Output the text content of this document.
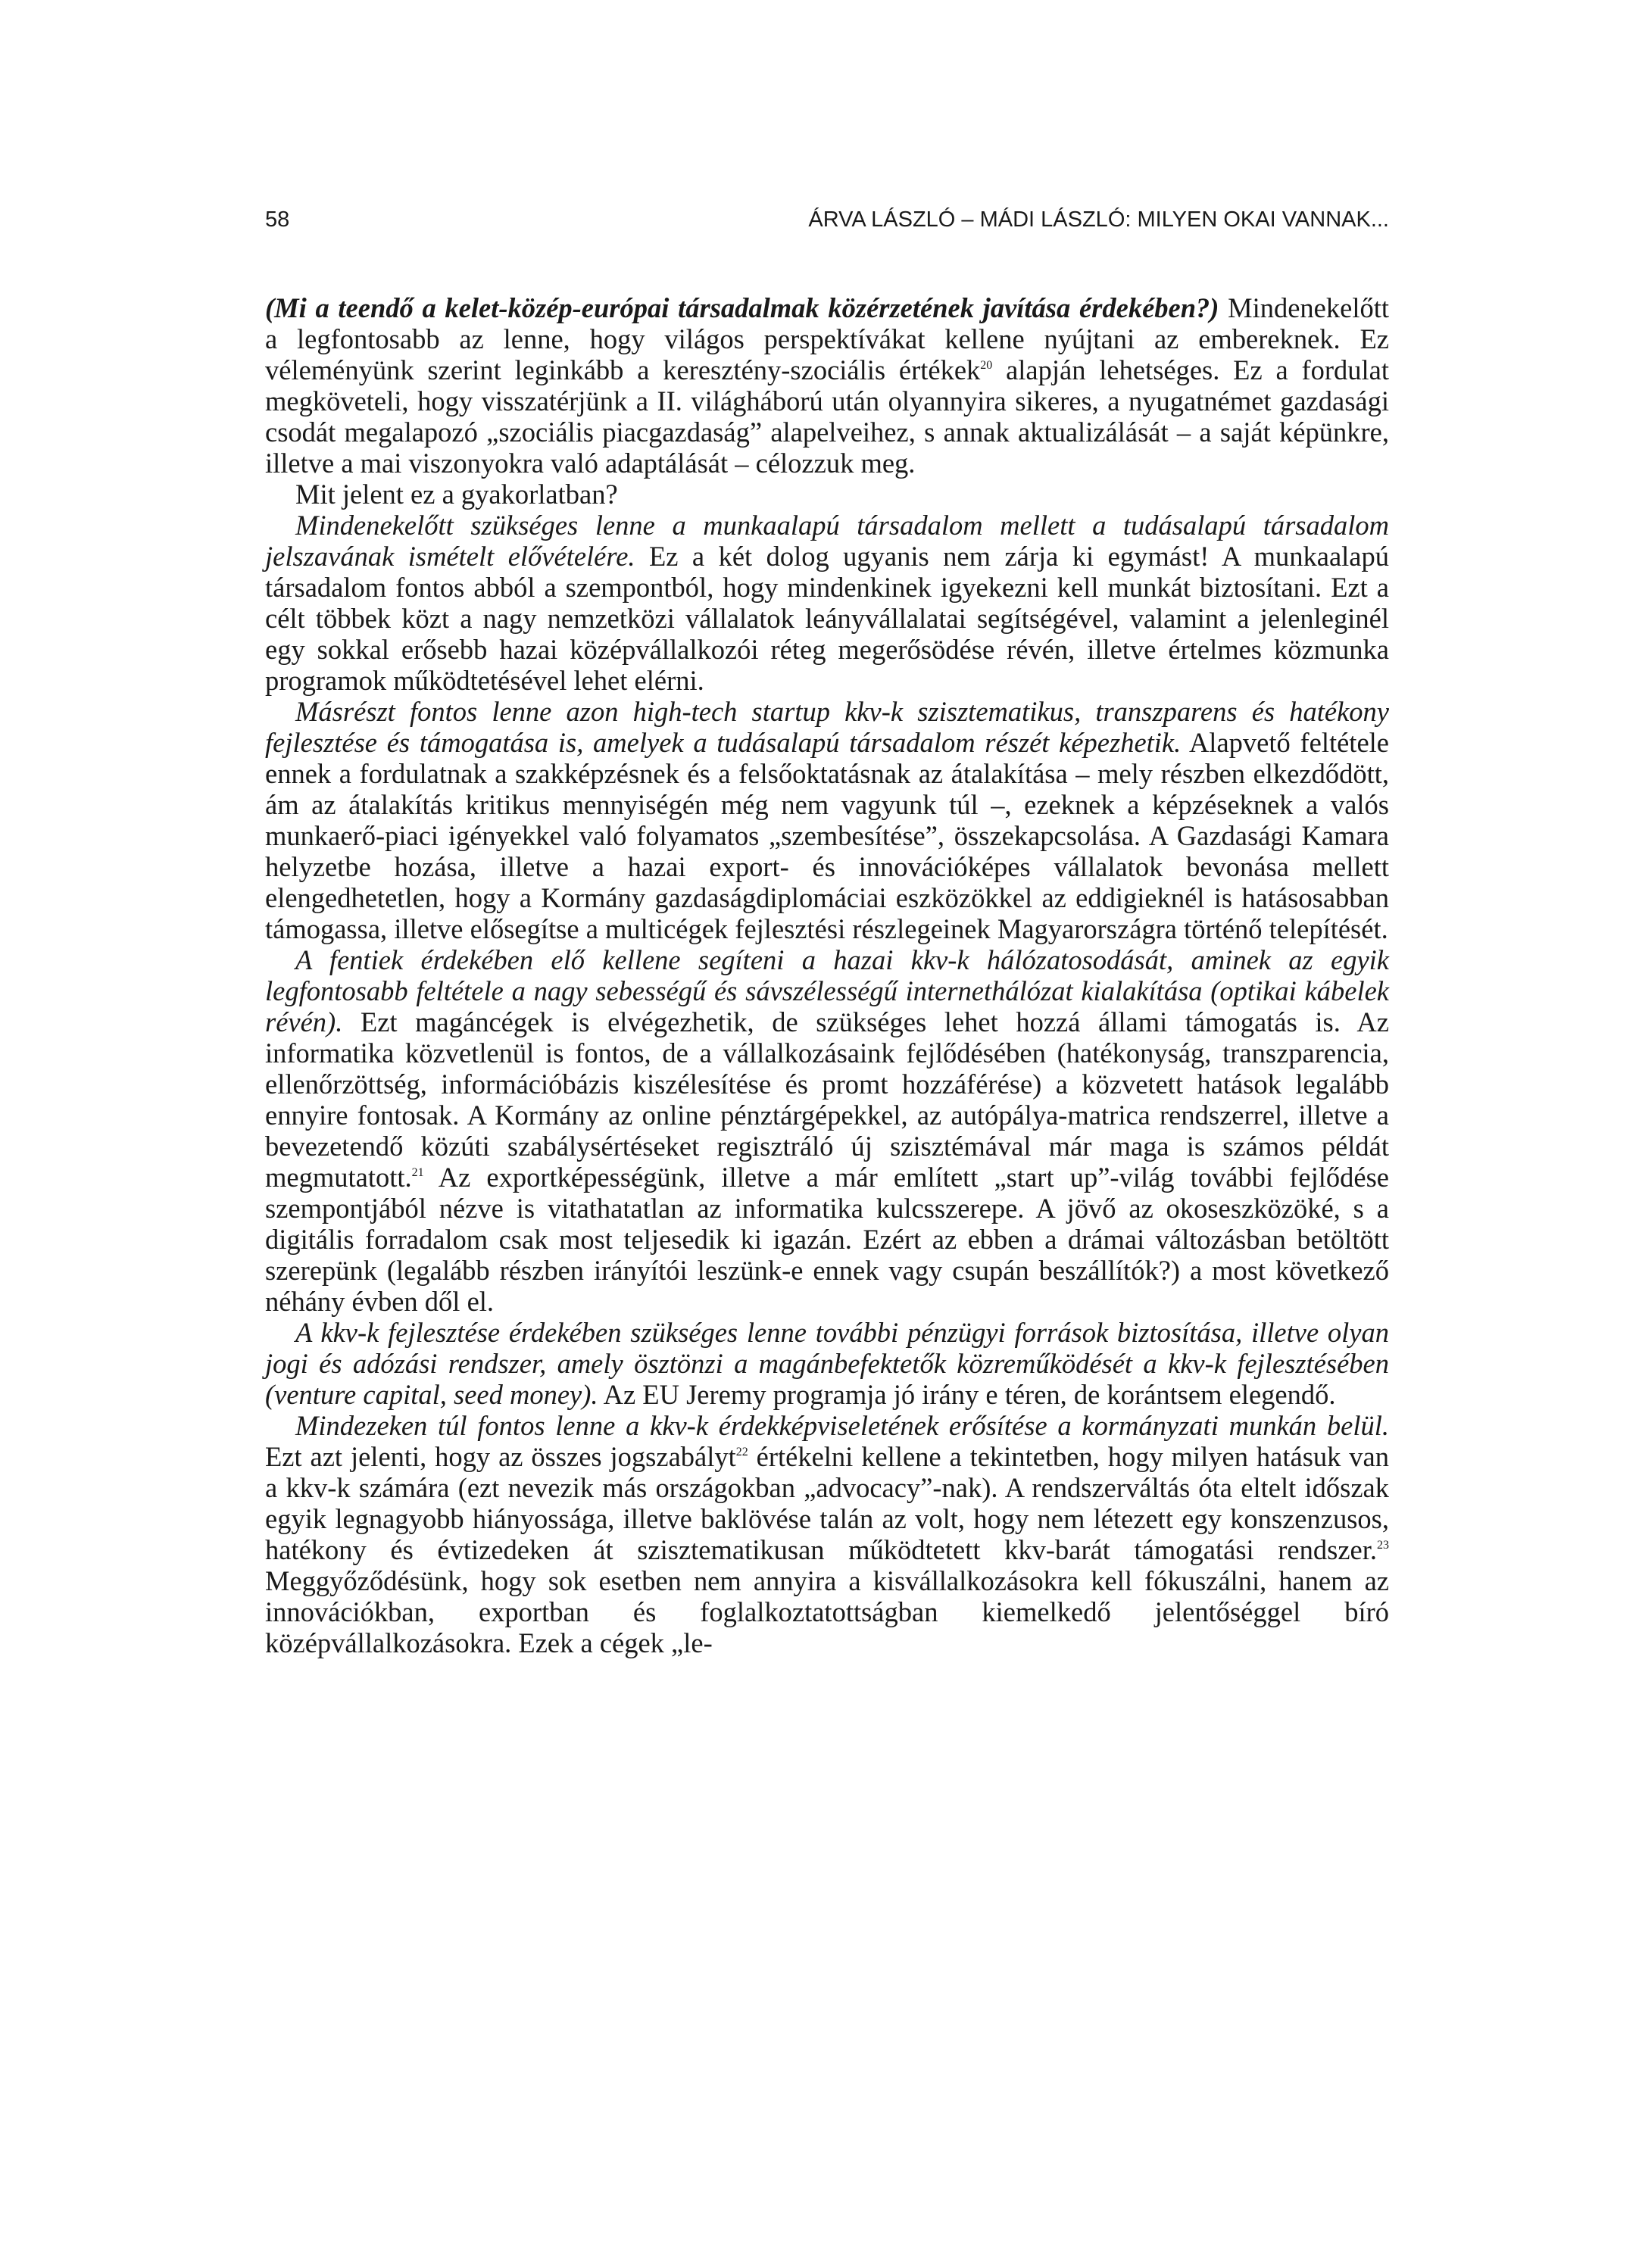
58	ÁRVA LÁSZLÓ – MÁDI LÁSZLÓ: MILYEN OKAI VANNAK...

(Mi a teendő a kelet-közép-európai társadalmak közérzetének javítása érdekében?) Mindenekelőtt a legfontosabb az lenne, hogy világos perspektívákat kellene nyújtani az embereknek. Ez véleményünk szerint leginkább a keresztény-szociális értékek$^{20}$ alapján lehetséges. Ez a fordulat megköveteli, hogy visszatérjünk a II. világháború után olyannyira sikeres, a nyugatnémet gazdasági csodát megalapozó „szociális piacgazdaság” alapelveihez, s annak aktualizálását – a saját képünkre, illetve a mai viszonyokra való adaptálását – célozzuk meg.

Mit jelent ez a gyakorlatban?

Mindenekelőtt szükséges lenne a munkaalapú társadalom mellett a tudásalapú társadalom jelszavának ismételt elővételére. Ez a két dolog ugyanis nem zárja ki egymást! A munkaalapú társadalom fontos abból a szempontból, hogy mindenkinek igyekezni kell munkát biztosítani. Ezt a célt többek közt a nagy nemzetközi vállalatok leányvállalatai segítségével, valamint a jelenleginél egy sokkal erősebb hazai középvállalkozói réteg megerősödése révén, illetve értelmes közmunka programok működtetésével lehet elérni.

Másrészt fontos lenne azon high-tech startup kkv-k szisztematikus, transzparens és hatékony fejlesztése és támogatása is, amelyek a tudásalapú társadalom részét képezhetik. Alapvető feltétele ennek a fordulatnak a szakképzésnek és a felsőoktatásnak az átalakítása – mely részben elkezdődött, ám az átalakítás kritikus mennyiségén még nem vagyunk túl –, ezeknek a képzéseknek a valós munkaerő-piaci igényekkel való folyamatos „szembesítése”, összekapcsolása. A Gazdasági Kamara helyzetbe hozása, illetve a hazai export- és innovációképes vállalatok bevonása mellett elengedhetetlen, hogy a Kormány gazdaságdiplomáciai eszközökkel az eddigieknél is hatásosabban támogassa, illetve elősegítse a multicégek fejlesztési részlegeinek Magyarországra történő telepítését.

A fentiek érdekében elő kellene segíteni a hazai kkv-k hálózatosodását, aminek az egyik legfontosabb feltétele a nagy sebességű és sávszélességű internethálózat kialakítása (optikai kábelek révén). Ezt magáncégek is elvégezhetik, de szükséges lehet hozzá állami támogatás is. Az informatika közvetlenül is fontos, de a vállalkozásaink fejlődésében (hatékonyság, transzparencia, ellenőrzöttség, információbázis kiszélesítése és promt hozzáférése) a közvetett hatások legalább ennyire fontosak. A Kormány az online pénztárgépekkel, az autópálya-matrica rendszerrel, illetve a bevezetendő közúti szabálysértéseket regisztráló új szisztémával már maga is számos példát megmutatott.$^{21}$ Az exportképességünk, illetve a már említett „start up”-világ további fejlődése szempontjából nézve is vitathatatlan az informatika kulcsszerepe. A jövő az okoseszközöké, s a digitális forradalom csak most teljesedik ki igazán. Ezért az ebben a drámai változásban betöltött szerepünk (legalább részben irányítói leszünk-e ennek vagy csupán beszállítók?) a most következő néhány évben dől el.

A kkv-k fejlesztése érdekében szükséges lenne további pénzügyi források biztosítása, illetve olyan jogi és adózási rendszer, amely ösztönzi a magánbefektetők közreműködését a kkv-k fejlesztésében (venture capital, seed money). Az EU Jeremy programja jó irány e téren, de korántsem elegendő.

Mindezeken túl fontos lenne a kkv-k érdekképviseletének erősítése a kormányzati munkán belül. Ezt azt jelenti, hogy az összes jogszabályt$^{22}$ értékelni kellene a tekintetben, hogy milyen hatásuk van a kkv-k számára (ezt nevezik más országokban „advocacy”-nak). A rendszerváltás óta eltelt időszak egyik legnagyobb hiányossága, illetve baklövése talán az volt, hogy nem létezett egy konszenzusos, hatékony és évtizedeken át szisztematikusan működtetett kkv-barát támogatási rendszer.$^{23}$ Meggyőződésünk, hogy sok esetben nem annyira a kisvállalkozásokra kell fókuszálni, hanem az innovációkban, exportban és foglalkoztatottságban kiemelkedő jelentőséggel bíró középvállalkozásokra. Ezek a cégek „le-
